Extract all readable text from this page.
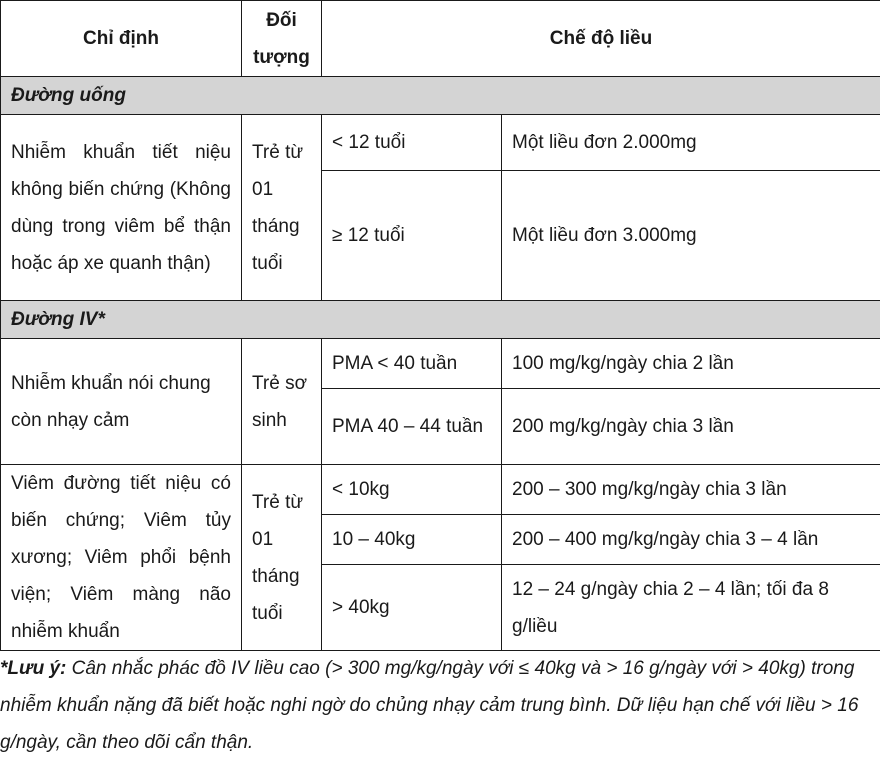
Chỉ định	Đối tượng	Chế độ liều	
Đường uống			
Nhiễm khuẩn tiết niệu không biến chứng (Không dùng trong viêm bể thận hoặc áp xe quanh thận)	Trẻ từ 01 tháng tuổi	< 12 tuổi	Một liều đơn 2.000mg
		≥ 12 tuổi	Một liều đơn 3.000mg
Đường IV*			
Nhiễm khuẩn nói chung còn nhạy cảm	Trẻ sơ sinh	PMA < 40 tuần	100 mg/kg/ngày chia 2 lần
		PMA 40 – 44 tuần	200 mg/kg/ngày chia 3 lần
Viêm đường tiết niệu có biến chứng; Viêm tủy xương; Viêm phổi bệnh viện; Viêm màng não nhiễm khuẩn	Trẻ từ 01 tháng tuổi	< 10kg	200 – 300 mg/kg/ngày chia 3 lần
		10 – 40kg	200 – 400 mg/kg/ngày chia 3 – 4 lần
		> 40kg	12 – 24 g/ngày chia 2 – 4 lần; tối đa 8 g/liều
*Lưu ý: Cân nhắc phác đồ IV liều cao (> 300 mg/kg/ngày với ≤ 40kg và > 16 g/ngày với > 40kg) trong nhiễm khuẩn nặng đã biết hoặc nghi ngờ do chủng nhạy cảm trung bình. Dữ liệu hạn chế với liều > 16 g/ngày, cần theo dõi cẩn thận.
